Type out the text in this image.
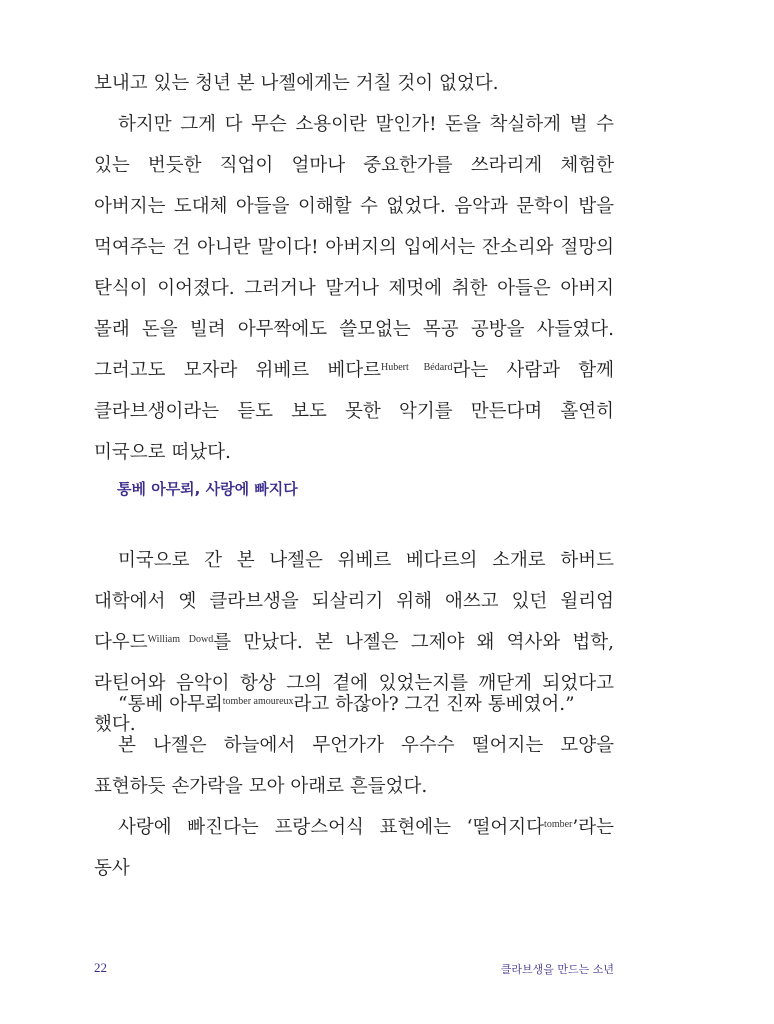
보내고 있는 청년 본 나젤에게는 거칠 것이 없었다.

하지만 그게 다 무슨 소용이란 말인가! 돈을 착실하게 벌 수 있는 번듯한 직업이 얼마나 중요한가를 쓰라리게 체험한 아버지는 도대체 아들을 이해할 수 없었다. 음악과 문학이 밥을 먹여주는 건 아니란 말이다! 아버지의 입에서는 잔소리와 절망의 탄식이 이어졌다. 그러거나 말거나 제멋에 취한 아들은 아버지 몰래 돈을 빌려 아무짝에도 쓸모없는 목공 공방을 사들였다. 그러고도 모자라 위베르 베다르$^{Hubert Bédard}$라는 사람과 함께 클라브생이라는 듣도 보도 못한 악기를 만든다며 홀연히 미국으로 떠났다.

통베 아무뢰, 사랑에 빠지다

미국으로 간 본 나젤은 위베르 베다르의 소개로 하버드 대학에서 옛 클라브생을 되살리기 위해 애쓰고 있던 윌리엄 다우드$^{William Dowd}$를 만났다. 본 나젤은 그제야 왜 역사와 법학, 라틴어와 음악이 항상 그의 곁에 있었는지를 깨닫게 되었다고 했다.

“통베 아무뢰$^{tomber amoureux}$라고 하잖아? 그건 진짜 통베였어.”

본 나젤은 하늘에서 무언가가 우수수 떨어지는 모양을 표현하듯 손가락을 모아 아래로 흔들었다.

사랑에 빠진다는 프랑스어식 표현에는 ‘떨어지다$^{tomber}$’라는 동사

22	클라브생을 만드는 소년
